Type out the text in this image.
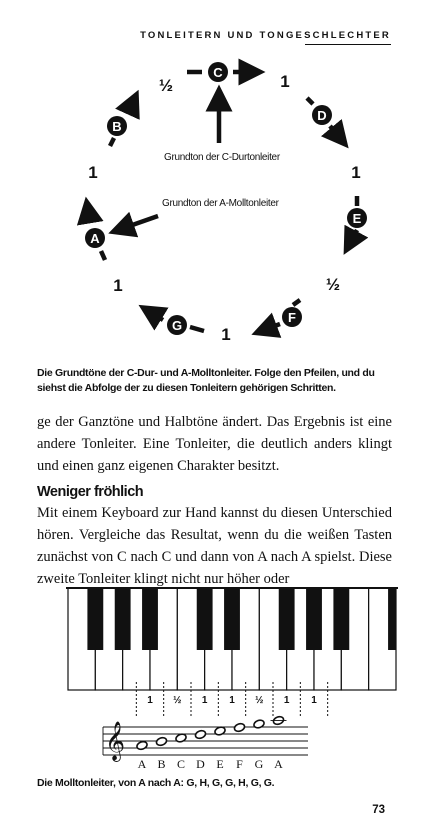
TONLEITERN UND TONGESCHLECHTER
C
D
E
F
G
A
B
1
1
½
1
1
1
½
Grundton der C-Durtonleiter
Grundton der A-Molltonleiter
Die Grundtöne der C-Dur- und A-Molltonleiter. Folge den Pfeilen, und du siehst die Abfolge der zu diesen Tonleitern gehörigen Schritten.
ge der Ganztöne und Halbtöne ändert. Das Ergebnis ist eine andere Tonleiter. Eine Tonleiter, die deutlich anders klingt und einen ganz eigenen Charakter besitzt.
Weniger fröhlich
Mit einem Keyboard zur Hand kannst du diesen Unterschied hören. Vergleiche das Resultat, wenn du die weißen Tasten zunächst von C nach C und dann von A nach A spielst. Diese zweite Tonleiter klingt nicht nur höher oder
1 ½ 1 1 ½ 1 1
𝄞
A B C D E F G A
Die Molltonleiter, von A nach A: G, H, G, G, H, G, G.
73
